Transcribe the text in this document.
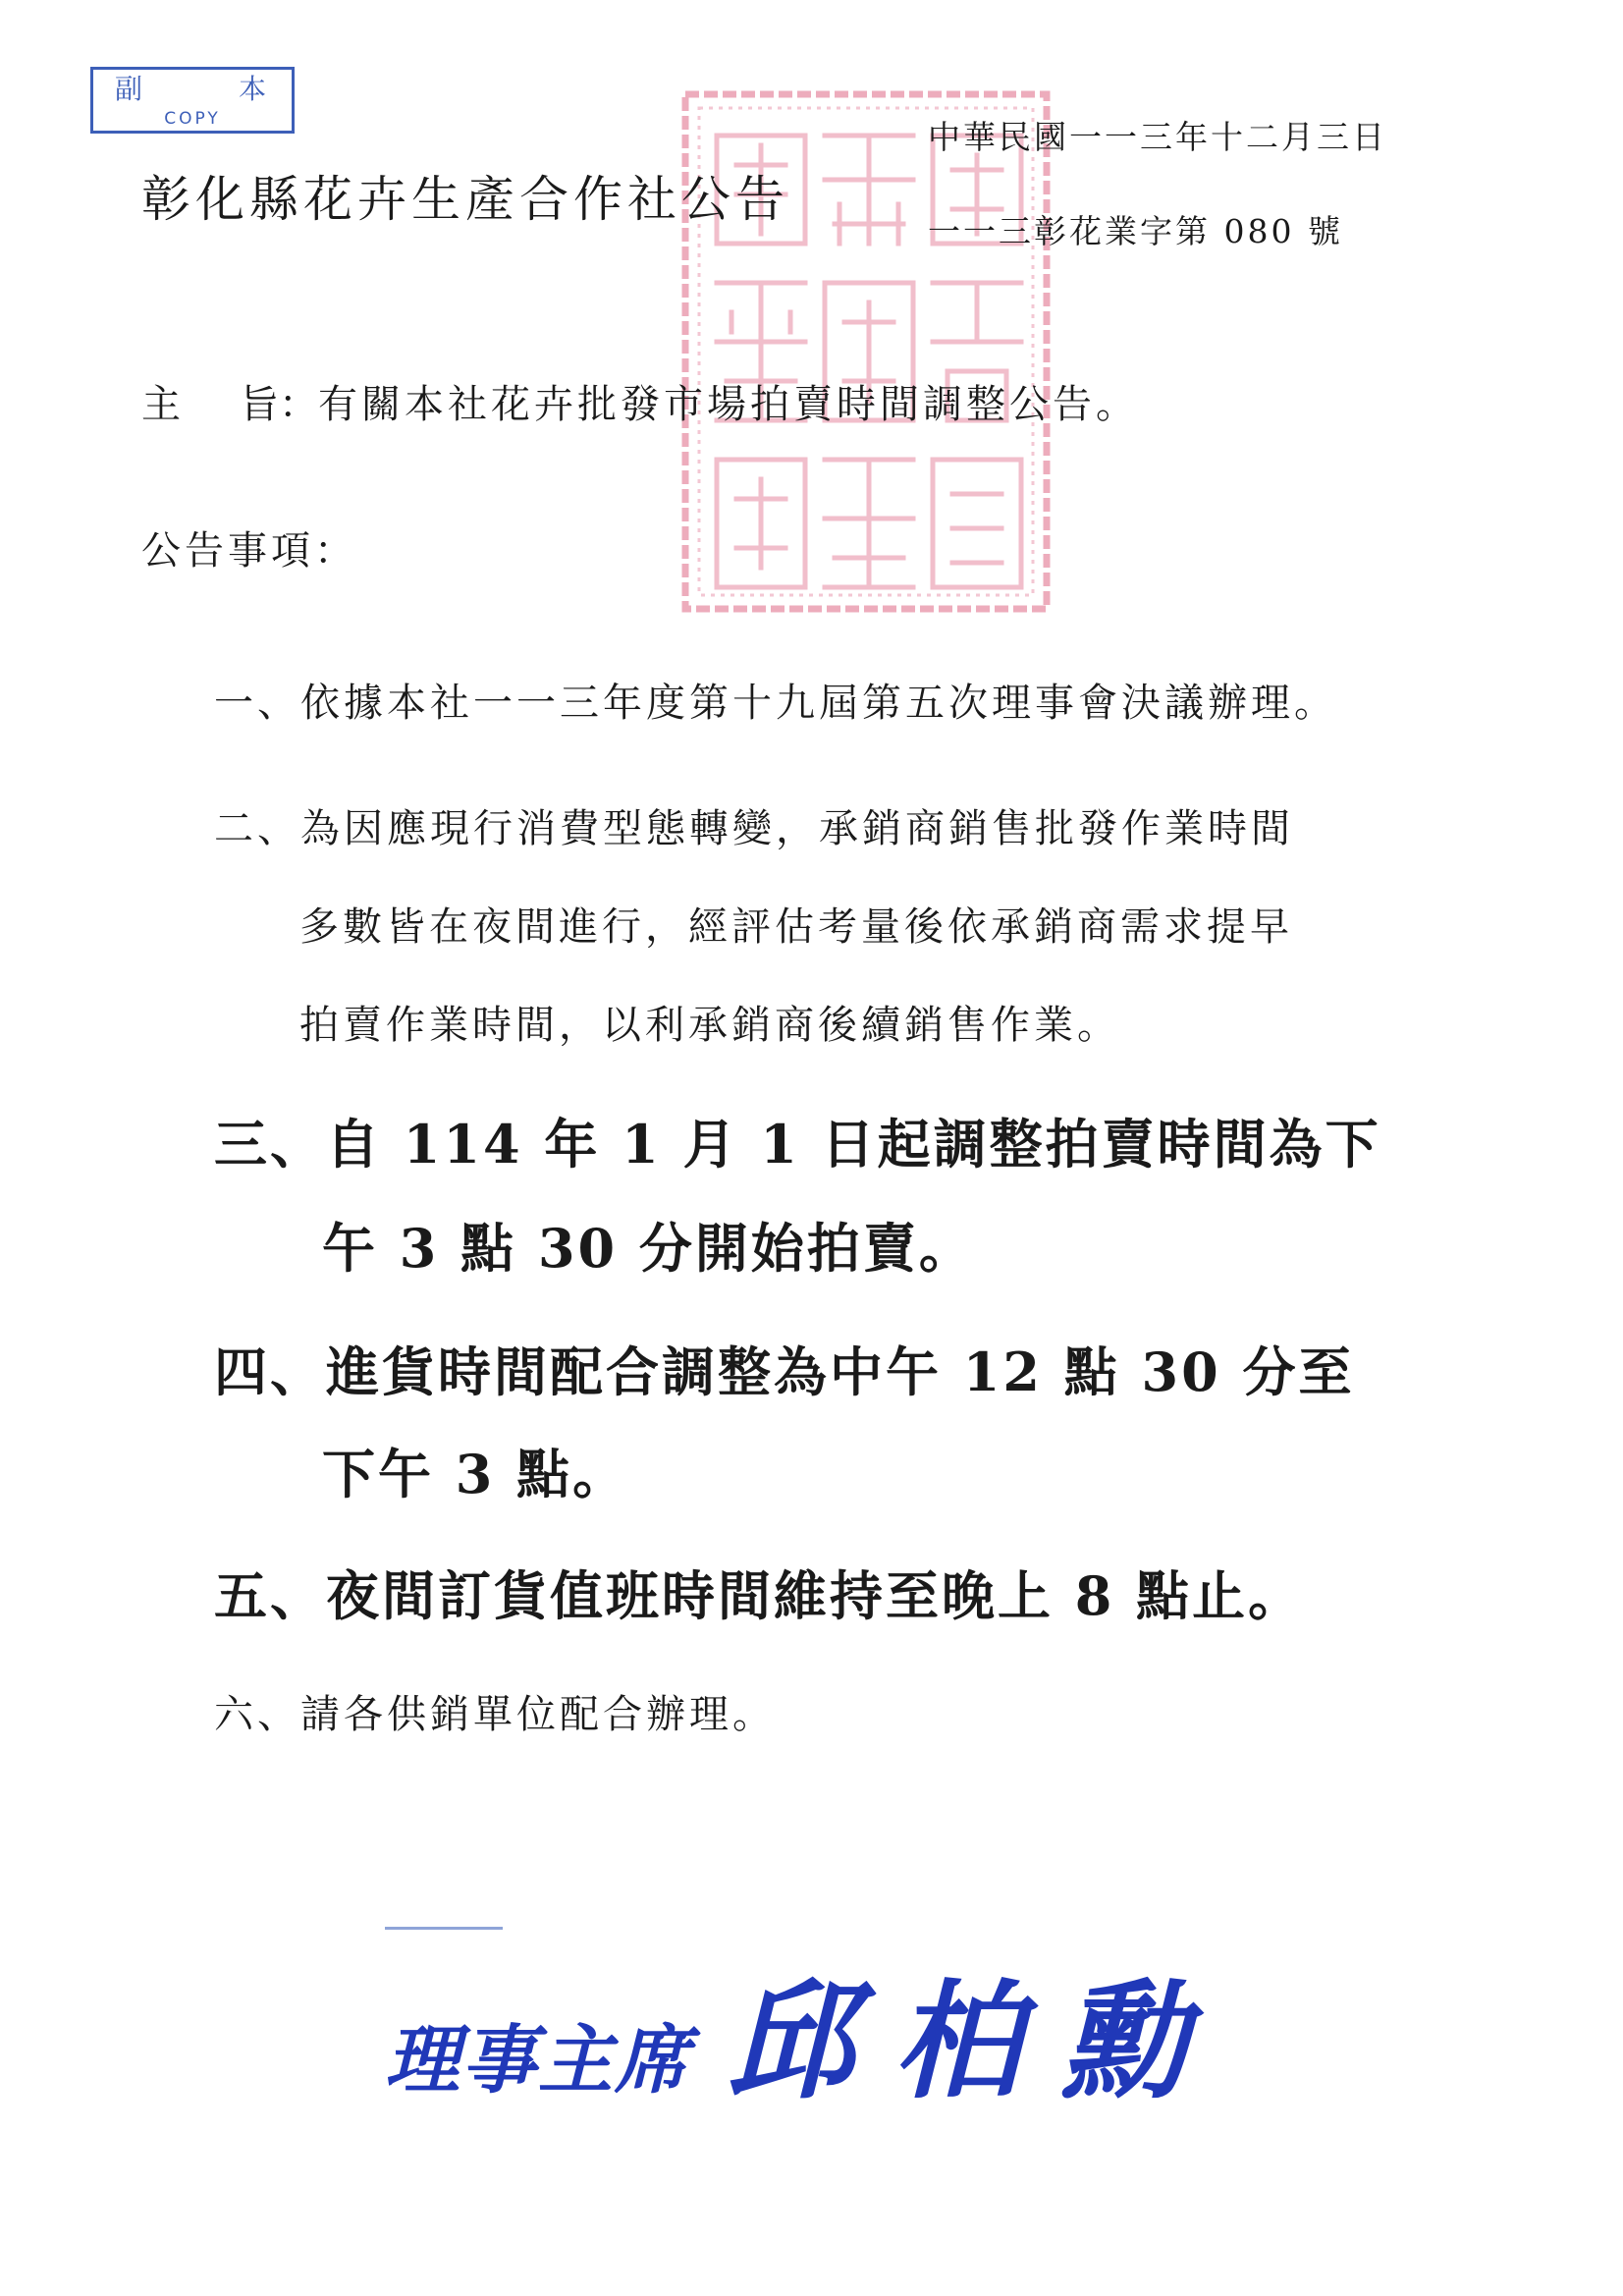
副	本
COPY
彰化縣花卉生產合作社公告
中華民國一一三年十二月三日
一一三彰花業字第 080 號
主 旨：有關本社花卉批發市場拍賣時間調整公告。
公告事項：
一、依據本社一一三年度第十九屆第五次理事會決議辦理。
二、為因應現行消費型態轉變，承銷商銷售批發作業時間
多數皆在夜間進行，經評估考量後依承銷商需求提早
拍賣作業時間，以利承銷商後續銷售作業。
三、自 114 年 1 月 1 日起調整拍賣時間為下
午 3 點 30 分開始拍賣。
四、進貨時間配合調整為中午 12 點 30 分至
下午 3 點。
五、夜間訂貨值班時間維持至晚上 8 點止。
六、請各供銷單位配合辦理。
理事主席 邱柏勳
